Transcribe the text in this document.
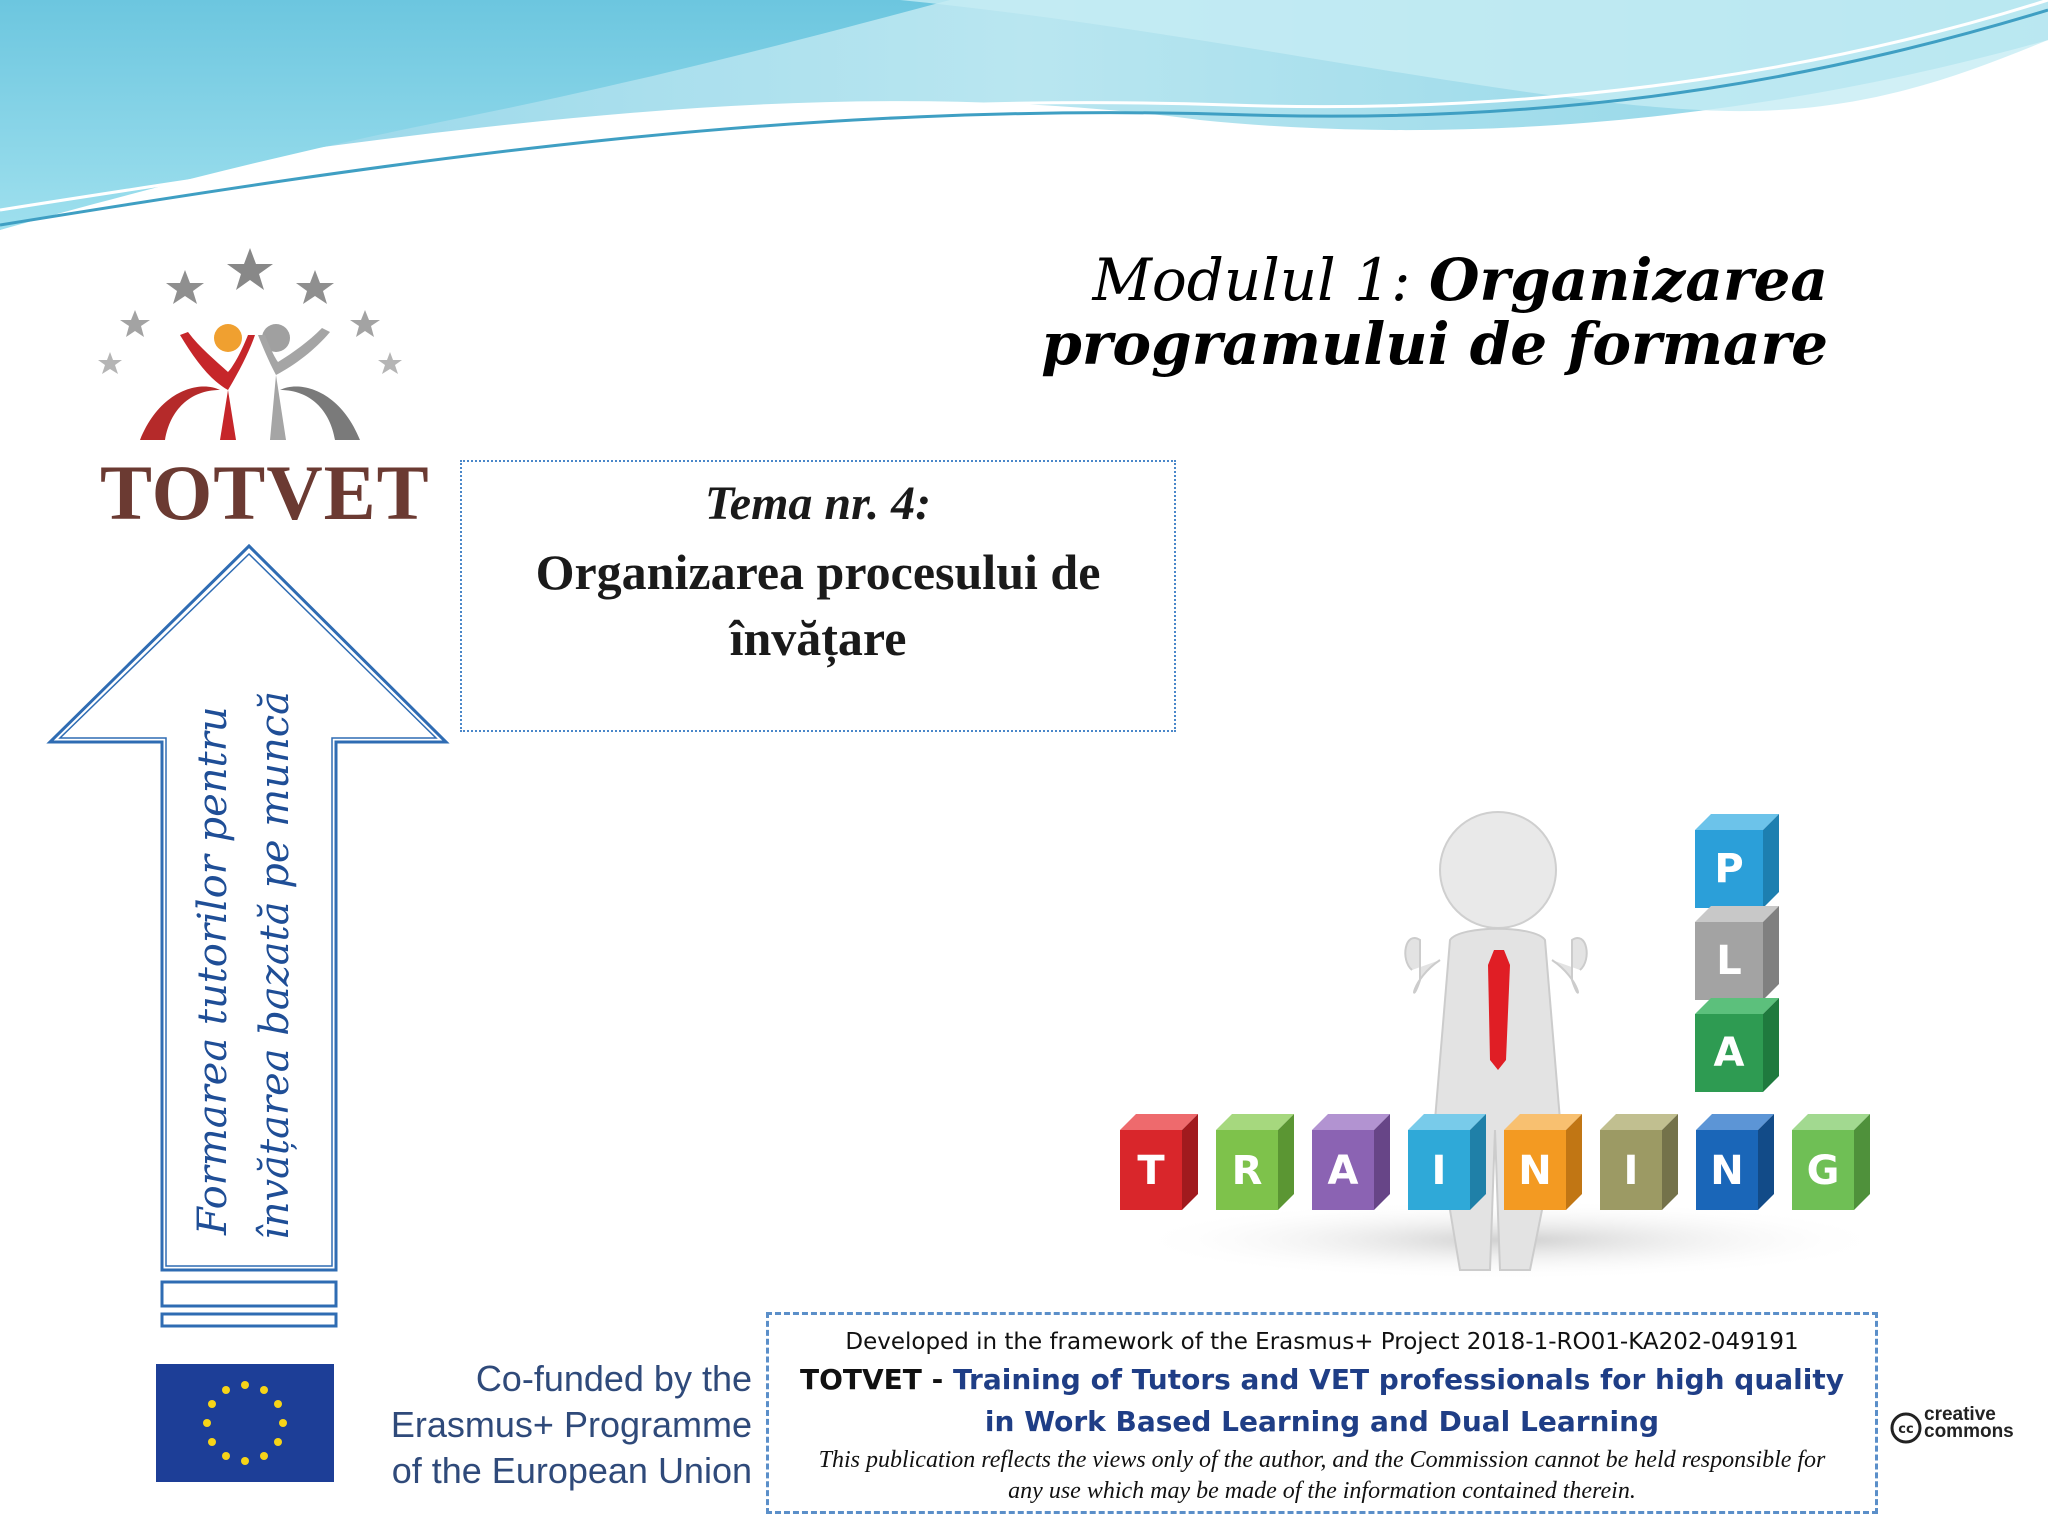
Modulul 1: Organizarea
programului de formare
TOTVET	Tema nr. 4:
Organizarea procesului de învățare
Formarea tutorilor pentru învățarea bazată pe muncă	P
L
A
T R A I N I N G
Co-funded by the
Erasmus+ Programme
of the European Union
Developed in the framework of the Erasmus+ Project 2018-1-RO01-KA202-049191
TOTVET - Training of Tutors and VET professionals for high quality in Work Based Learning and Dual Learning
This publication reflects the views only of the author, and the Commission cannot be held responsible for any use which may be made of the information contained therein.
cc
creative
commons
